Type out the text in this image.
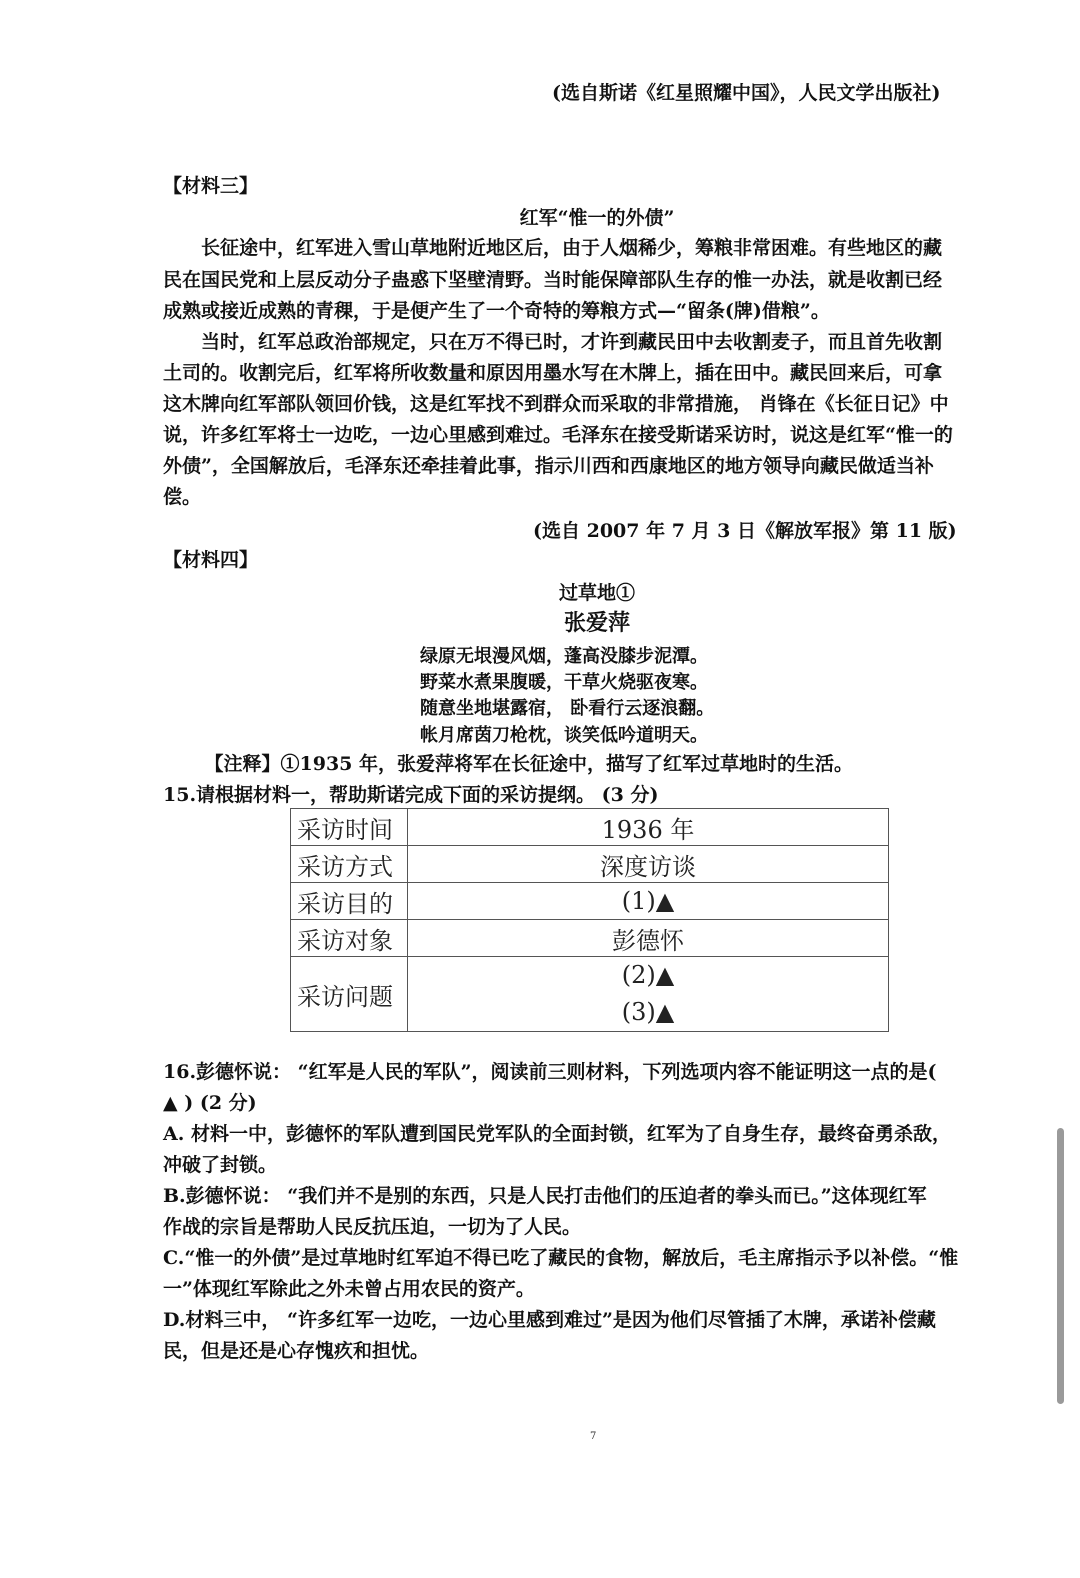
(选自斯诺《红星照耀中国》，人民文学出版社)
【材料三】
红军“惟一的外债”
　　长征途中，红军进入雪山草地附近地区后，由于人烟稀少，筹粮非常困难。有些地区的藏
民在国民党和上层反动分子蛊惑下坚壁清野。当时能保障部队生存的惟一办法，就是收割已经
成熟或接近成熟的青稞，于是便产生了一个奇特的筹粮方式—“留条(牌)借粮”。
　　当时，红军总政治部规定，只在万不得已时，才许到藏民田中去收割麦子，而且首先收割
土司的。收割完后，红军将所收数量和原因用墨水写在木牌上，插在田中。藏民回来后，可拿
这木牌向红军部队领回价钱，这是红军找不到群众而采取的非常措施， 肖锋在《长征日记》中
说，许多红军将士一边吃，一边心里感到难过。毛泽东在接受斯诺采访时，说这是红军“惟一的
外债”，全国解放后，毛泽东还牵挂着此事，指示川西和西康地区的地方领导向藏民做适当补
偿。
(选自 2007 年 7 月 3 日《解放军报》第 11 版)
【材料四】
过草地①
张爱萍
绿原无垠漫风烟，蓬高没膝步泥潭。
野菜水煮果腹暖，干草火烧驱夜寒。
随意坐地堪露宿， 卧看行云逐浪翻。
帐月席茵刀枪枕，谈笑低吟道明天。
　【注释】①1935 年，张爱萍将军在长征途中，描写了红军过草地时的生活。
15.请根据材料一，帮助斯诺完成下面的采访提纲。 (3 分)
采访时间	1936 年
采访方式	深度访谈
采访目的	(1)▲
采访对象	彭德怀
采访问题	(2)▲
(3)▲
16.彭德怀说： “红军是人民的军队”，阅读前三则材料，下列选项内容不能证明这一点的是(
▲ ) (2 分)
A. 材料一中，彭德怀的军队遭到国民党军队的全面封锁，红军为了自身生存，最终奋勇杀敌，
冲破了封锁。
B.彭德怀说： “我们并不是别的东西，只是人民打击他们的压迫者的拳头而已。”这体现红军
作战的宗旨是帮助人民反抗压迫，一切为了人民。
C.“惟一的外债”是过草地时红军迫不得已吃了藏民的食物，解放后，毛主席指示予以补偿。“惟
一”体现红军除此之外未曾占用农民的资产。
D.材料三中， “许多红军一边吃，一边心里感到难过”是因为他们尽管插了木牌，承诺补偿藏
民，但是还是心存愧疚和担忧。
7
